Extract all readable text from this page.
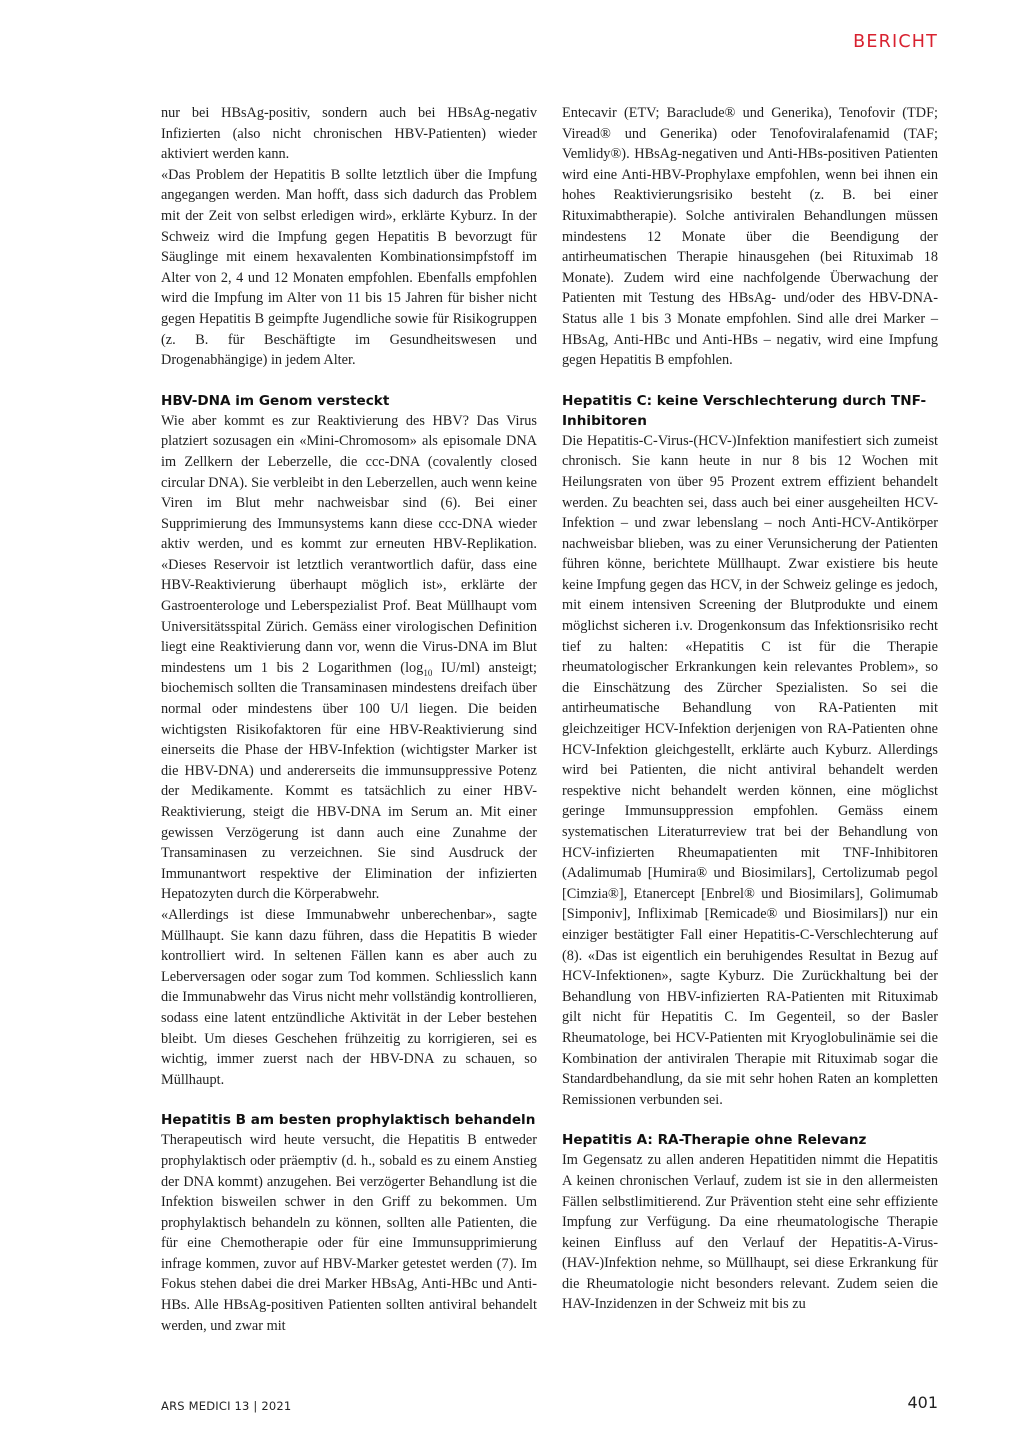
BERICHT

nur bei HBsAg-positiv, sondern auch bei HBsAg-negativ Infizierten (also nicht chronischen HBV-Patienten) wieder aktiviert werden kann.

«Das Problem der Hepatitis B sollte letztlich über die Impfung angegangen werden. Man hofft, dass sich dadurch das Problem mit der Zeit von selbst erledigen wird», erklärte Kyburz. In der Schweiz wird die Impfung gegen Hepatitis B bevorzugt für Säuglinge mit einem hexavalenten Kombinationsimpfstoff im Alter von 2, 4 und 12 Monaten empfohlen. Ebenfalls empfohlen wird die Impfung im Alter von 11 bis 15 Jahren für bisher nicht gegen Hepatitis B geimpfte Jugendliche sowie für Risikogruppen (z. B. für Beschäftigte im Gesundheitswesen und Drogenabhängige) in jedem Alter.

HBV-DNA im Genom versteckt

Wie aber kommt es zur Reaktivierung des HBV? Das Virus platziert sozusagen ein «Mini-Chromosom» als episomale DNA im Zellkern der Leberzelle, die ccc-DNA (covalently closed circular DNA). Sie verbleibt in den Leberzellen, auch wenn keine Viren im Blut mehr nachweisbar sind (6). Bei einer Supprimierung des Immunsystems kann diese ccc-DNA wieder aktiv werden, und es kommt zur erneuten HBV-Replikation. «Dieses Reservoir ist letztlich verantwortlich dafür, dass eine HBV-Reaktivierung überhaupt möglich ist», erklärte der Gastroenterologe und Leberspezialist Prof. Beat Müllhaupt vom Universitätsspital Zürich. Gemäss einer virologischen Definition liegt eine Reaktivierung dann vor, wenn die Virus-DNA im Blut mindestens um 1 bis 2 Logarithmen ($\log_{10}$ IU/ml) ansteigt; biochemisch sollten die Transaminasen mindestens dreifach über normal oder mindestens über 100 U/l liegen. Die beiden wichtigsten Risikofaktoren für eine HBV-Reaktivierung sind einerseits die Phase der HBV-Infektion (wichtigster Marker ist die HBV-DNA) und andererseits die immunsuppressive Potenz der Medikamente. Kommt es tatsächlich zu einer HBV-Reaktivierung, steigt die HBV-DNA im Serum an. Mit einer gewissen Verzögerung ist dann auch eine Zunahme der Transaminasen zu verzeichnen. Sie sind Ausdruck der Immunantwort respektive der Elimination der infizierten Hepatozyten durch die Körperabwehr.

«Allerdings ist diese Immunabwehr unberechenbar», sagte Müllhaupt. Sie kann dazu führen, dass die Hepatitis B wieder kontrolliert wird. In seltenen Fällen kann es aber auch zu Leberversagen oder sogar zum Tod kommen. Schliesslich kann die Immunabwehr das Virus nicht mehr vollständig kontrollieren, sodass eine latent entzündliche Aktivität in der Leber bestehen bleibt. Um dieses Geschehen frühzeitig zu korrigieren, sei es wichtig, immer zuerst nach der HBV-DNA zu schauen, so Müllhaupt.

Hepatitis B am besten prophylaktisch behandeln

Therapeutisch wird heute versucht, die Hepatitis B entweder prophylaktisch oder präemptiv (d. h., sobald es zu einem Anstieg der DNA kommt) anzugehen. Bei verzögerter Behandlung ist die Infektion bisweilen schwer in den Griff zu bekommen. Um prophylaktisch behandeln zu können, sollten alle Patienten, die für eine Chemotherapie oder für eine Immunsupprimierung infrage kommen, zuvor auf HBV-Marker getestet werden (7). Im Fokus stehen dabei die drei Marker HBsAg, Anti-HBc und Anti-HBs. Alle HBsAg-positiven Patienten sollten antiviral behandelt werden, und zwar mit

Entecavir (ETV; Baraclude® und Generika), Tenofovir (TDF; Viread® und Generika) oder Tenofoviralafenamid (TAF; Vemlidy®). HBsAg-negativen und Anti-HBs-positiven Patienten wird eine Anti-HBV-Prophylaxe empfohlen, wenn bei ihnen ein hohes Reaktivierungsrisiko besteht (z. B. bei einer Rituximabtherapie). Solche antiviralen Behandlungen müssen mindestens 12 Monate über die Beendigung der antirheumatischen Therapie hinausgehen (bei Rituximab 18 Monate). Zudem wird eine nachfolgende Überwachung der Patienten mit Testung des HBsAg- und/oder des HBV-DNA-Status alle 1 bis 3 Monate empfohlen. Sind alle drei Marker – HBsAg, Anti-HBc und Anti-HBs – negativ, wird eine Impfung gegen Hepatitis B empfohlen.

Hepatitis C: keine Verschlechterung durch TNF-Inhibitoren

Die Hepatitis-C-Virus-(HCV-)Infektion manifestiert sich zumeist chronisch. Sie kann heute in nur 8 bis 12 Wochen mit Heilungsraten von über 95 Prozent extrem effizient behandelt werden. Zu beachten sei, dass auch bei einer ausgeheilten HCV-Infektion – und zwar lebenslang – noch Anti-HCV-Antikörper nachweisbar blieben, was zu einer Verunsicherung der Patienten führen könne, berichtete Müllhaupt. Zwar existiere bis heute keine Impfung gegen das HCV, in der Schweiz gelinge es jedoch, mit einem intensiven Screening der Blutprodukte und einem möglichst sicheren i.v. Drogenkonsum das Infektionsrisiko recht tief zu halten: «Hepatitis C ist für die Therapie rheumatologischer Erkrankungen kein relevantes Problem», so die Einschätzung des Zürcher Spezialisten. So sei die antirheumatische Behandlung von RA-Patienten mit gleichzeitiger HCV-Infektion derjenigen von RA-Patienten ohne HCV-Infektion gleichgestellt, erklärte auch Kyburz. Allerdings wird bei Patienten, die nicht antiviral behandelt werden respektive nicht behandelt werden können, eine möglichst geringe Immunsuppression empfohlen. Gemäss einem systematischen Literaturreview trat bei der Behandlung von HCV-infizierten Rheumapatienten mit TNF-Inhibitoren (Adalimumab [Humira® und Biosimilars], Certolizumab pegol [Cimzia®], Etanercept [Enbrel® und Biosimilars], Golimumab [Simponiv], Infliximab [Remicade® und Biosimilars]) nur ein einziger bestätigter Fall einer Hepatitis-C-Verschlechterung auf (8). «Das ist eigentlich ein beruhigendes Resultat in Bezug auf HCV-Infektionen», sagte Kyburz. Die Zurückhaltung bei der Behandlung von HBV-infizierten RA-Patienten mit Rituximab gilt nicht für Hepatitis C. Im Gegenteil, so der Basler Rheumatologe, bei HCV-Patienten mit Kryoglobulinämie sei die Kombination der antiviralen Therapie mit Rituximab sogar die Standardbehandlung, da sie mit sehr hohen Raten an kompletten Remissionen verbunden sei.

Hepatitis A: RA-Therapie ohne Relevanz

Im Gegensatz zu allen anderen Hepatitiden nimmt die Hepatitis A keinen chronischen Verlauf, zudem ist sie in den allermeisten Fällen selbstlimitierend. Zur Prävention steht eine sehr effiziente Impfung zur Verfügung. Da eine rheumatologische Therapie keinen Einfluss auf den Verlauf der Hepatitis-A-Virus-(HAV-)Infektion nehme, so Müllhaupt, sei diese Erkrankung für die Rheumatologie nicht besonders relevant. Zudem seien die HAV-Inzidenzen in der Schweiz mit bis zu

ARS MEDICI 13 | 2021	401
